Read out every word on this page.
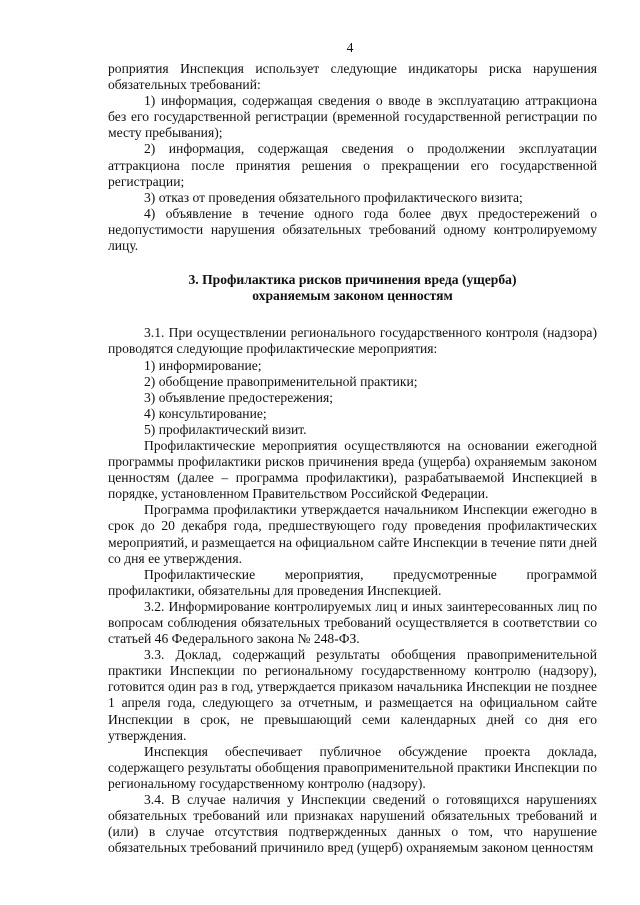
4

роприятия Инспекция использует следующие индикаторы риска нарушения обязательных требований:

1) информация, содержащая сведения о вводе в эксплуатацию аттракциона без его государственной регистрации (временной государственной регистрации по месту пребывания);

2) информация, содержащая сведения о продолжении эксплуатации аттракциона после принятия решения о прекращении его государственной регистрации;

3) отказ от проведения обязательного профилактического визита;

4) объявление в течение одного года более двух предостережений о недопустимости нарушения обязательных требований одному контролируемому лицу.

3. Профилактика рисков причинения вреда (ущерба)

охраняемым законом ценностям

3.1. При осуществлении регионального государственного контроля (надзора) проводятся следующие профилактические мероприятия:

1) информирование;

2) обобщение правоприменительной практики;

3) объявление предостережения;

4) консультирование;

5) профилактический визит.

Профилактические мероприятия осуществляются на основании ежегодной программы профилактики рисков причинения вреда (ущерба) охраняемым законом ценностям (далее – программа профилактики), разрабатываемой Инспекцией в порядке, установленном Правительством Российской Федерации.

Программа профилактики утверждается начальником Инспекции ежегодно в срок до 20 декабря года, предшествующего году проведения профилактических мероприятий, и размещается на официальном сайте Инспекции в течение пяти дней со дня ее утверждения.

Профилактические мероприятия, предусмотренные программой профилактики, обязательны для проведения Инспекцией.

3.2. Информирование контролируемых лиц и иных заинтересованных лиц по вопросам соблюдения обязательных требований осуществляется в соответствии со статьей 46 Федерального закона № 248-ФЗ.

3.3. Доклад, содержащий результаты обобщения правоприменительной практики Инспекции по региональному государственному контролю (надзору), готовится один раз в год, утверждается приказом начальника Инспекции не позднее 1 апреля года, следующего за отчетным, и размещается на официальном сайте Инспекции в срок, не превышающий семи календарных дней со дня его утверждения.

Инспекция обеспечивает публичное обсуждение проекта доклада, содержащего результаты обобщения правоприменительной практики Инспекции по региональному государственному контролю (надзору).

3.4. В случае наличия у Инспекции сведений о готовящихся нарушениях обязательных требований или признаках нарушений обязательных требований и (или) в случае отсутствия подтвержденных данных о том, что нарушение обязательных требований причинило вред (ущерб) охраняемым законом ценностям
